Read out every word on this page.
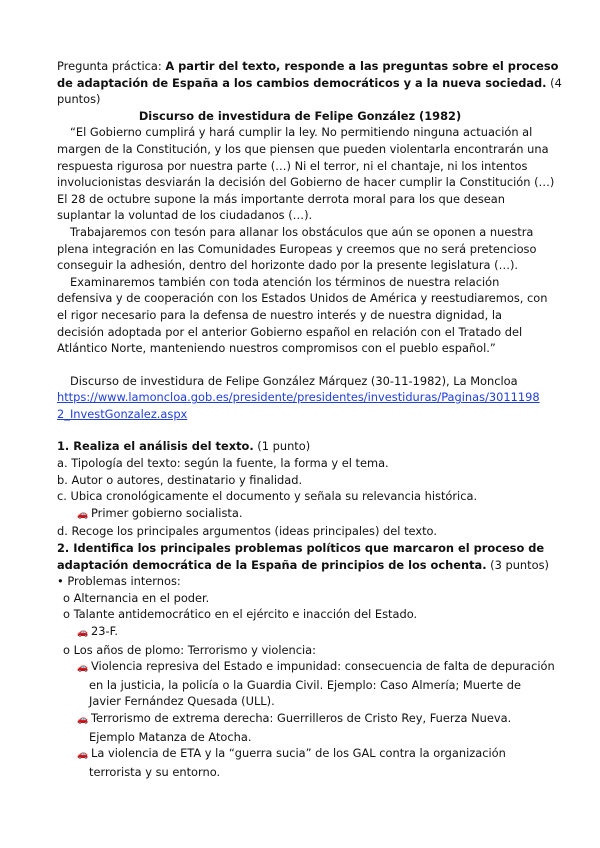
Pregunta práctica: A partir del texto, responde a las preguntas sobre el proceso
de adaptación de España a los cambios democráticos y a la nueva sociedad. (4
puntos)
Discurso de investidura de Felipe González (1982)
“El Gobierno cumplirá y hará cumplir la ley. No permitiendo ninguna actuación al
margen de la Constitución, y los que piensen que pueden violentarla encontrarán una
respuesta rigurosa por nuestra parte (…) Ni el terror, ni el chantaje, ni los intentos
involucionistas desviarán la decisión del Gobierno de hacer cumplir la Constitución (…)
El 28 de octubre supone la más importante derrota moral para los que desean
suplantar la voluntad de los ciudadanos (…).
Trabajaremos con tesón para allanar los obstáculos que aún se oponen a nuestra
plena integración en las Comunidades Europeas y creemos que no será pretencioso
conseguir la adhesión, dentro del horizonte dado por la presente legislatura (…).
Examinaremos también con toda atención los términos de nuestra relación
defensiva y de cooperación con los Estados Unidos de América y reestudiaremos, con
el rigor necesario para la defensa de nuestro interés y de nuestra dignidad, la
decisión adoptada por el anterior Gobierno español en relación con el Tratado del
Atlántico Norte, manteniendo nuestros compromisos con el pueblo español.”
Discurso de investidura de Felipe González Márquez (30-11-1982), La Moncloa
https://www.lamoncloa.gob.es/presidente/presidentes/investiduras/Paginas/3011198
2_InvestGonzalez.aspx
1. Realiza el análisis del texto. (1 punto)
a. Tipología del texto: según la fuente, la forma y el tema.
b. Autor o autores, destinatario y finalidad.
c. Ubica cronológicamente el documento y señala su relevancia histórica.
🚗 Primer gobierno socialista.
d. Recoge los principales argumentos (ideas principales) del texto.
2. Identifica los principales problemas políticos que marcaron el proceso de
adaptación democrática de la España de principios de los ochenta. (3 puntos)
• Problemas internos:
o Alternancia en el poder.
o Talante antidemocrático en el ejército e inacción del Estado.
🚗 23-F.
o Los años de plomo: Terrorismo y violencia:
🚗 Violencia represiva del Estado e impunidad: consecuencia de falta de depuración
en la justicia, la policía o la Guardia Civil. Ejemplo: Caso Almería; Muerte de
Javier Fernández Quesada (ULL).
🚗 Terrorismo de extrema derecha: Guerrilleros de Cristo Rey, Fuerza Nueva.
Ejemplo Matanza de Atocha.
🚗 La violencia de ETA y la “guerra sucia” de los GAL contra la organización
terrorista y su entorno.
